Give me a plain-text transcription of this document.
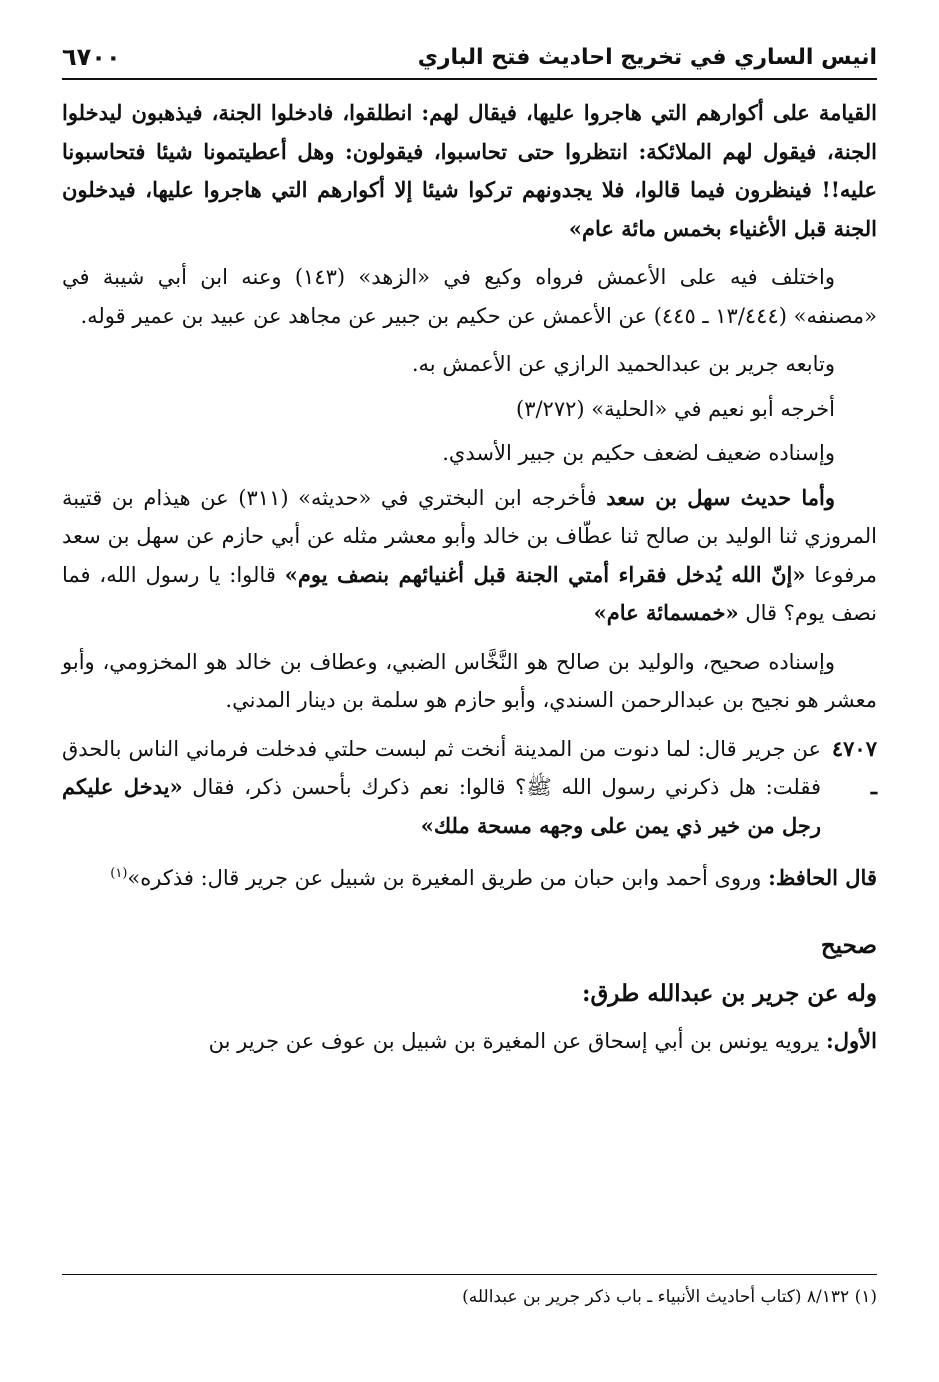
انيس الساري في تخريج احاديث فتح الباري
٦٧٠٠

القيامة على أكوارهم التي هاجروا عليها، فيقال لهم: انطلقوا، فادخلوا الجنة، فيذهبون ليدخلوا الجنة، فيقول لهم الملائكة: انتظروا حتى تحاسبوا، فيقولون: وهل أعطيتمونا شيئا فتحاسبونا عليه!! فينظرون فيما قالوا، فلا يجدونهم تركوا شيئا إلا أكوارهم التي هاجروا عليها، فيدخلون الجنة قبل الأغنياء بخمس مائة عام»

واختلف فيه على الأعمش فرواه وكيع في «الزهد» (١٤٣) وعنه ابن أبي شيبة في «مصنفه» (١٣/٤٤٤ ـ ٤٤٥) عن الأعمش عن حكيم بن جبير عن مجاهد عن عبيد بن عمير قوله.

وتابعه جرير بن عبدالحميد الرازي عن الأعمش به.

أخرجه أبو نعيم في «الحلية» (٣/٢٧٢)

وإسناده ضعيف لضعف حكيم بن جبير الأسدي.

وأما حديث سهل بن سعد فأخرجه ابن البختري في «حديثه» (٣١١) عن هيذام بن قتيبة المروزي ثنا الوليد بن صالح ثنا عطّاف بن خالد وأبو معشر مثله عن أبي حازم عن سهل بن سعد مرفوعا «إنّ الله يُدخل فقراء أمتي الجنة قبل أغنيائهم بنصف يوم» قالوا: يا رسول الله، فما نصف يوم؟ قال «خمسمائة عام»

وإسناده صحيح، والوليد بن صالح هو النَّخَّاس الضبي، وعطاف بن خالد هو المخزومي، وأبو معشر هو نجيح بن عبدالرحمن السندي، وأبو حازم هو سلمة بن دينار المدني.

٤٧٠٧ ـ
عن جرير قال: لما دنوت من المدينة أنخت ثم لبست حلتي فدخلت فرماني الناس بالحدق فقلت: هل ذكرني رسول الله ﷺ؟ قالوا: نعم ذكرك بأحسن ذكر، فقال «يدخل عليكم رجل من خير ذي يمن على وجهه مسحة ملك»

قال الحافظ: وروى أحمد وابن حبان من طريق المغيرة بن شبيل عن جرير قال: فذكره»$^{(١)}$

صحيح

وله عن جرير بن عبدالله طرق:

الأول: يرويه يونس بن أبي إسحاق عن المغيرة بن شبيل بن عوف عن جرير بن

(١) ٨/١٣٢ (كتاب أحاديث الأنبياء ـ باب ذكر جرير بن عبدالله)
